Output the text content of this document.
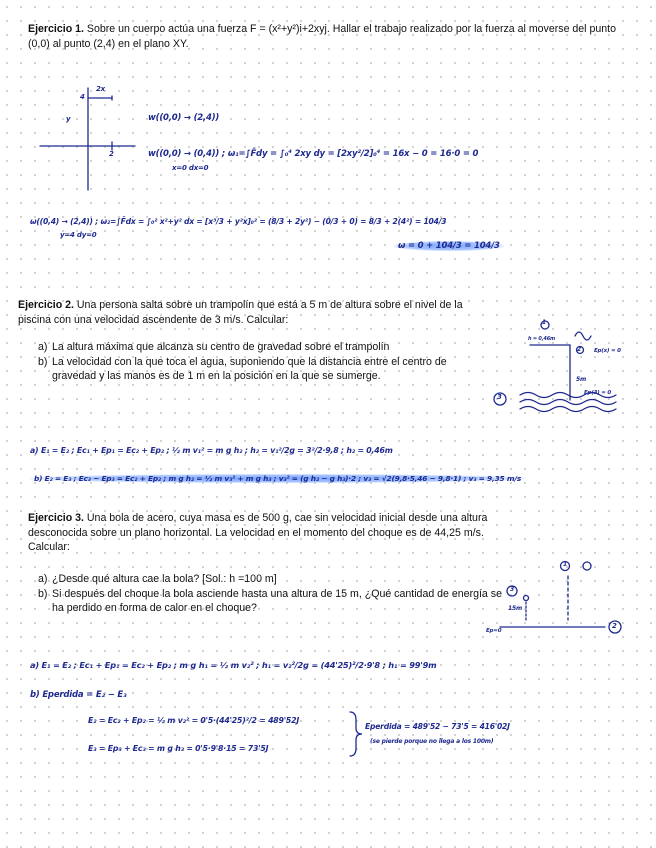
Ejercicio 1. Sobre un cuerpo actúa una fuerza F = (x²+y²)i+2xyj. Hallar el trabajo realizado por la fuerza al moverse del punto (0,0) al punto (2,4) en el plano XY.
4
y
2
2x
w((0,0) → (2,4))
w((0,0) → (0,4)) ; ω₁=∫F̄dy = ∫₀⁴ 2xy dy = [2xy²/2]₀⁴ = 16x − 0 = 16·0 = 0
x=0 dx=0
ω((0,4) → (2,4)) ; ω₂=∫F̄dx = ∫₀² x²+y² dx = [x³/3 + y²x]₀² = (8/3 + 2y²) − (0/3 + 0) = 8/3 + 2(4²) = 104/3
y=4 dy=0
ω = 0 + 104/3 = 104/3
Ejercicio 2. Una persona salta sobre un trampolín que está a 5 m de altura sobre el nivel de la piscina con una velocidad ascendente de 3 m/s. Calcular:
a) La altura máxima que alcanza su centro de gravedad sobre el trampolín
b) La velocidad con la que toca el agua, suponiendo que la distancia entre el centro de gravedad y las manos es de 1 m en la posición en la que se sumerge.
1
h = 0,46m
2 Ep(x) = 0
5m
Ep(3) = 0
3
a) E₁ = E₂ ; Ec₁ + Ep₁ = Ec₂ + Ep₂ ; ½ m v₁² = m g h₂ ; h₂ = v₁²/2g = 3²/2·9,8 ; h₂ = 0,46m
b) E₂ = E₃ ; Ec₃ − Ep₃ = Ec₂ + Ep₂ ; m g h₂ = ½ m v₃² + m g h₃ ; v₃² = (g h₂ − g h₃)·2 ; v₃ = √2(9,8·5,46 − 9,8·1) ; v₃ = 9,35 m/s
Ejercicio 3. Una bola de acero, cuya masa es de 500 g, cae sin velocidad inicial desde una altura desconocida sobre un plano horizontal. La velocidad en el momento del choque es de 44,25 m/s. Calcular:
a) ¿Desde qué altura cae la bola? [Sol.: h =100 m]
b) Si después del choque la bola asciende hasta una altura de 15 m, ¿Qué cantidad de energía se ha perdido en forma de calor en el choque?
1
3
15m
Ep=0
2
a) E₁ = E₂ ; Ec₁ + Ep₁ = Ec₂ + Ep₂ ; m g h₁ = ½ m v₂² ; h₁ = v₂²/2g = (44'25)²/2·9'8 ; h₁ = 99'9m
b) Eperdida = E₂ − E₃
E₂ = Ec₂ + Ep₂ = ½ m v₂² = 0'5·(44'25)²/2 = 489'52J
E₃ = Ep₃ + Ec₃ = m g h₃ = 0'5·9'8·15 = 73'5J
Eperdida = 489'52 − 73'5 = 416'02J
(se pierde porque no llega a los 100m)
